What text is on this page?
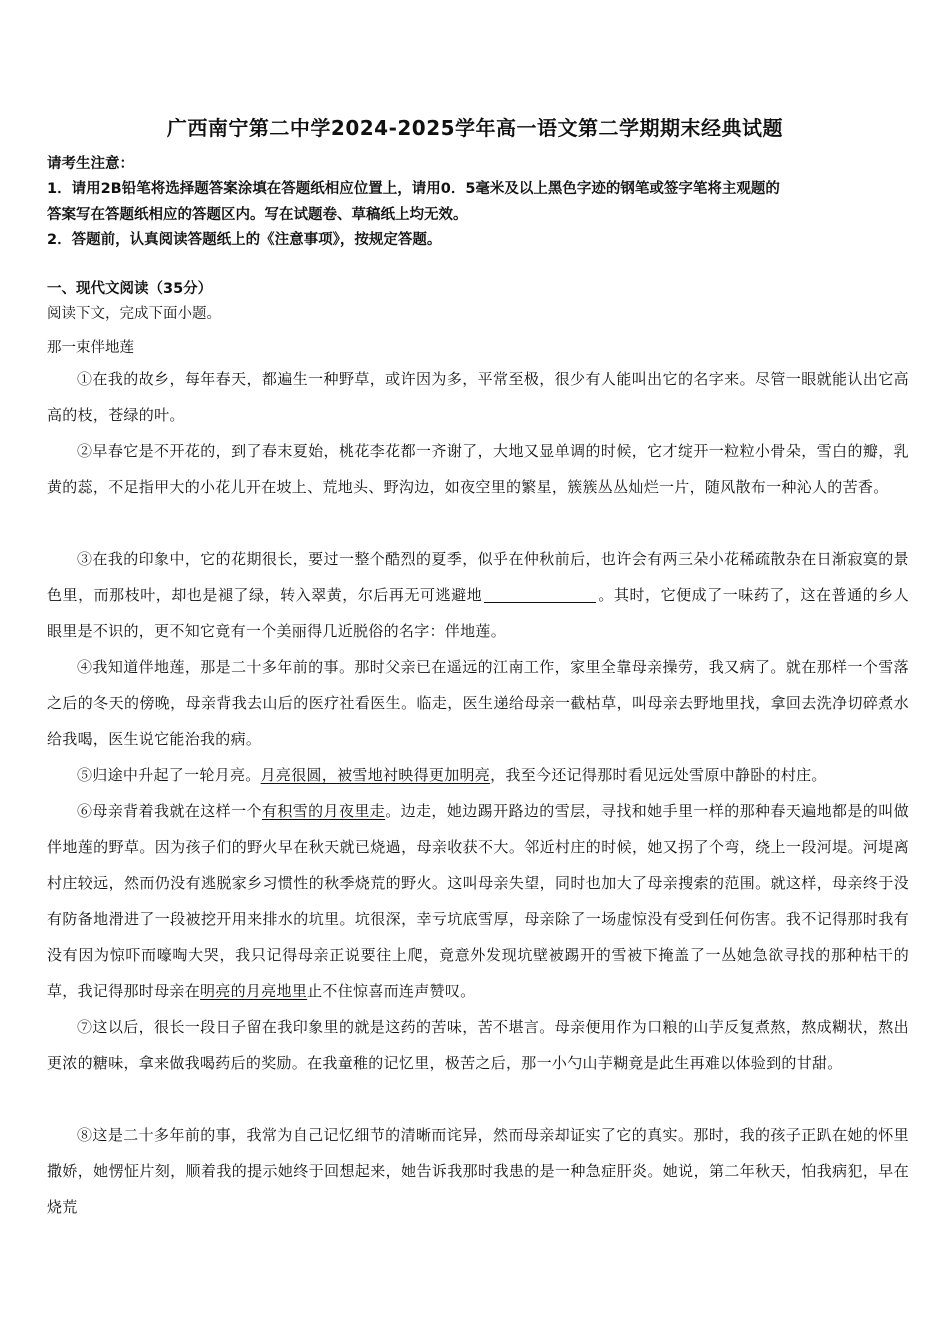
广西南宁第二中学2024-2025学年高一语文第二学期期末经典试题
请考生注意：
1．请用2B铅笔将选择题答案涂填在答题纸相应位置上，请用0．5毫米及以上黑色字迹的钢笔或签字笔将主观题的
答案写在答题纸相应的答题区内。写在试题卷、草稿纸上均无效。
2．答题前，认真阅读答题纸上的《注意事项》，按规定答题。
一、现代文阅读（35分）
阅读下文，完成下面小题。
那一束伴地莲
①在我的故乡，每年春天，都遍生一种野草，或许因为多，平常至极，很少有人能叫出它的名字来。尽管一眼就能认出它高高的枝，苍绿的叶。
②早春它是不开花的，到了春末夏始，桃花李花都一齐谢了，大地又显单调的时候，它才绽开一粒粒小骨朵，雪白的瓣，乳黄的蕊，不足指甲大的小花儿开在坡上、荒地头、野沟边，如夜空里的繁星，簇簇丛丛灿烂一片，随风散布一种沁人的苦香。
③在我的印象中，它的花期很长，要过一整个酷烈的夏季，似乎在仲秋前后，也许会有两三朵小花稀疏散杂在日渐寂寞的景色里，而那枝叶，却也是褪了绿，转入翠黄，尔后再无可逃避地	。其时，它便成了一味药了，这在普通的乡人眼里是不识的，更不知它竟有一个美丽得几近脱俗的名字：伴地莲。
④我知道伴地莲，那是二十多年前的事。那时父亲已在遥远的江南工作，家里全靠母亲操劳，我又病了。就在那样一个雪落之后的冬天的傍晚，母亲背我去山后的医疗社看医生。临走，医生递给母亲一截枯草，叫母亲去野地里找，拿回去洗净切碎煮水给我喝，医生说它能治我的病。
⑤归途中升起了一轮月亮。月亮很圆，被雪地衬映得更加明亮，我至今还记得那时看见远处雪原中静卧的村庄。
⑥母亲背着我就在这样一个有积雪的月夜里走。边走，她边踢开路边的雪层，寻找和她手里一样的那种春天遍地都是的叫做伴地莲的野草。因为孩子们的野火早在秋天就已烧過，母亲收获不大。邻近村庄的时候，她又拐了个弯，绕上一段河堤。河堤离村庄较远，然而仍没有逃脱家乡习惯性的秋季烧荒的野火。这叫母亲失望，同时也加大了母亲搜索的范围。就这样，母亲终于没有防备地滑进了一段被挖开用来排水的坑里。坑很深，幸亏坑底雪厚，母亲除了一场虚惊没有受到任何伤害。我不记得那时我有没有因为惊吓而嚎啕大哭，我只记得母亲正说要往上爬，竟意外发现坑壁被踢开的雪被下掩盖了一丛她急欲寻找的那种枯干的草，我记得那时母亲在明亮的月亮地里止不住惊喜而连声赞叹。
⑦这以后，很长一段日子留在我印象里的就是这药的苦味，苦不堪言。母亲便用作为口粮的山芋反复煮熬，熬成糊状，熬出更浓的糖味，拿来做我喝药后的奖励。在我童稚的记忆里，极苦之后，那一小勺山芋糊竟是此生再难以体验到的甘甜。
⑧这是二十多年前的事，我常为自己记忆细节的清晰而诧异，然而母亲却证实了它的真实。那时，我的孩子正趴在她的怀里撒娇，她愣怔片刻，顺着我的提示她终于回想起来，她告诉我那时我患的是一种急症肝炎。她说，第二年秋天，怕我病犯，早在烧荒
